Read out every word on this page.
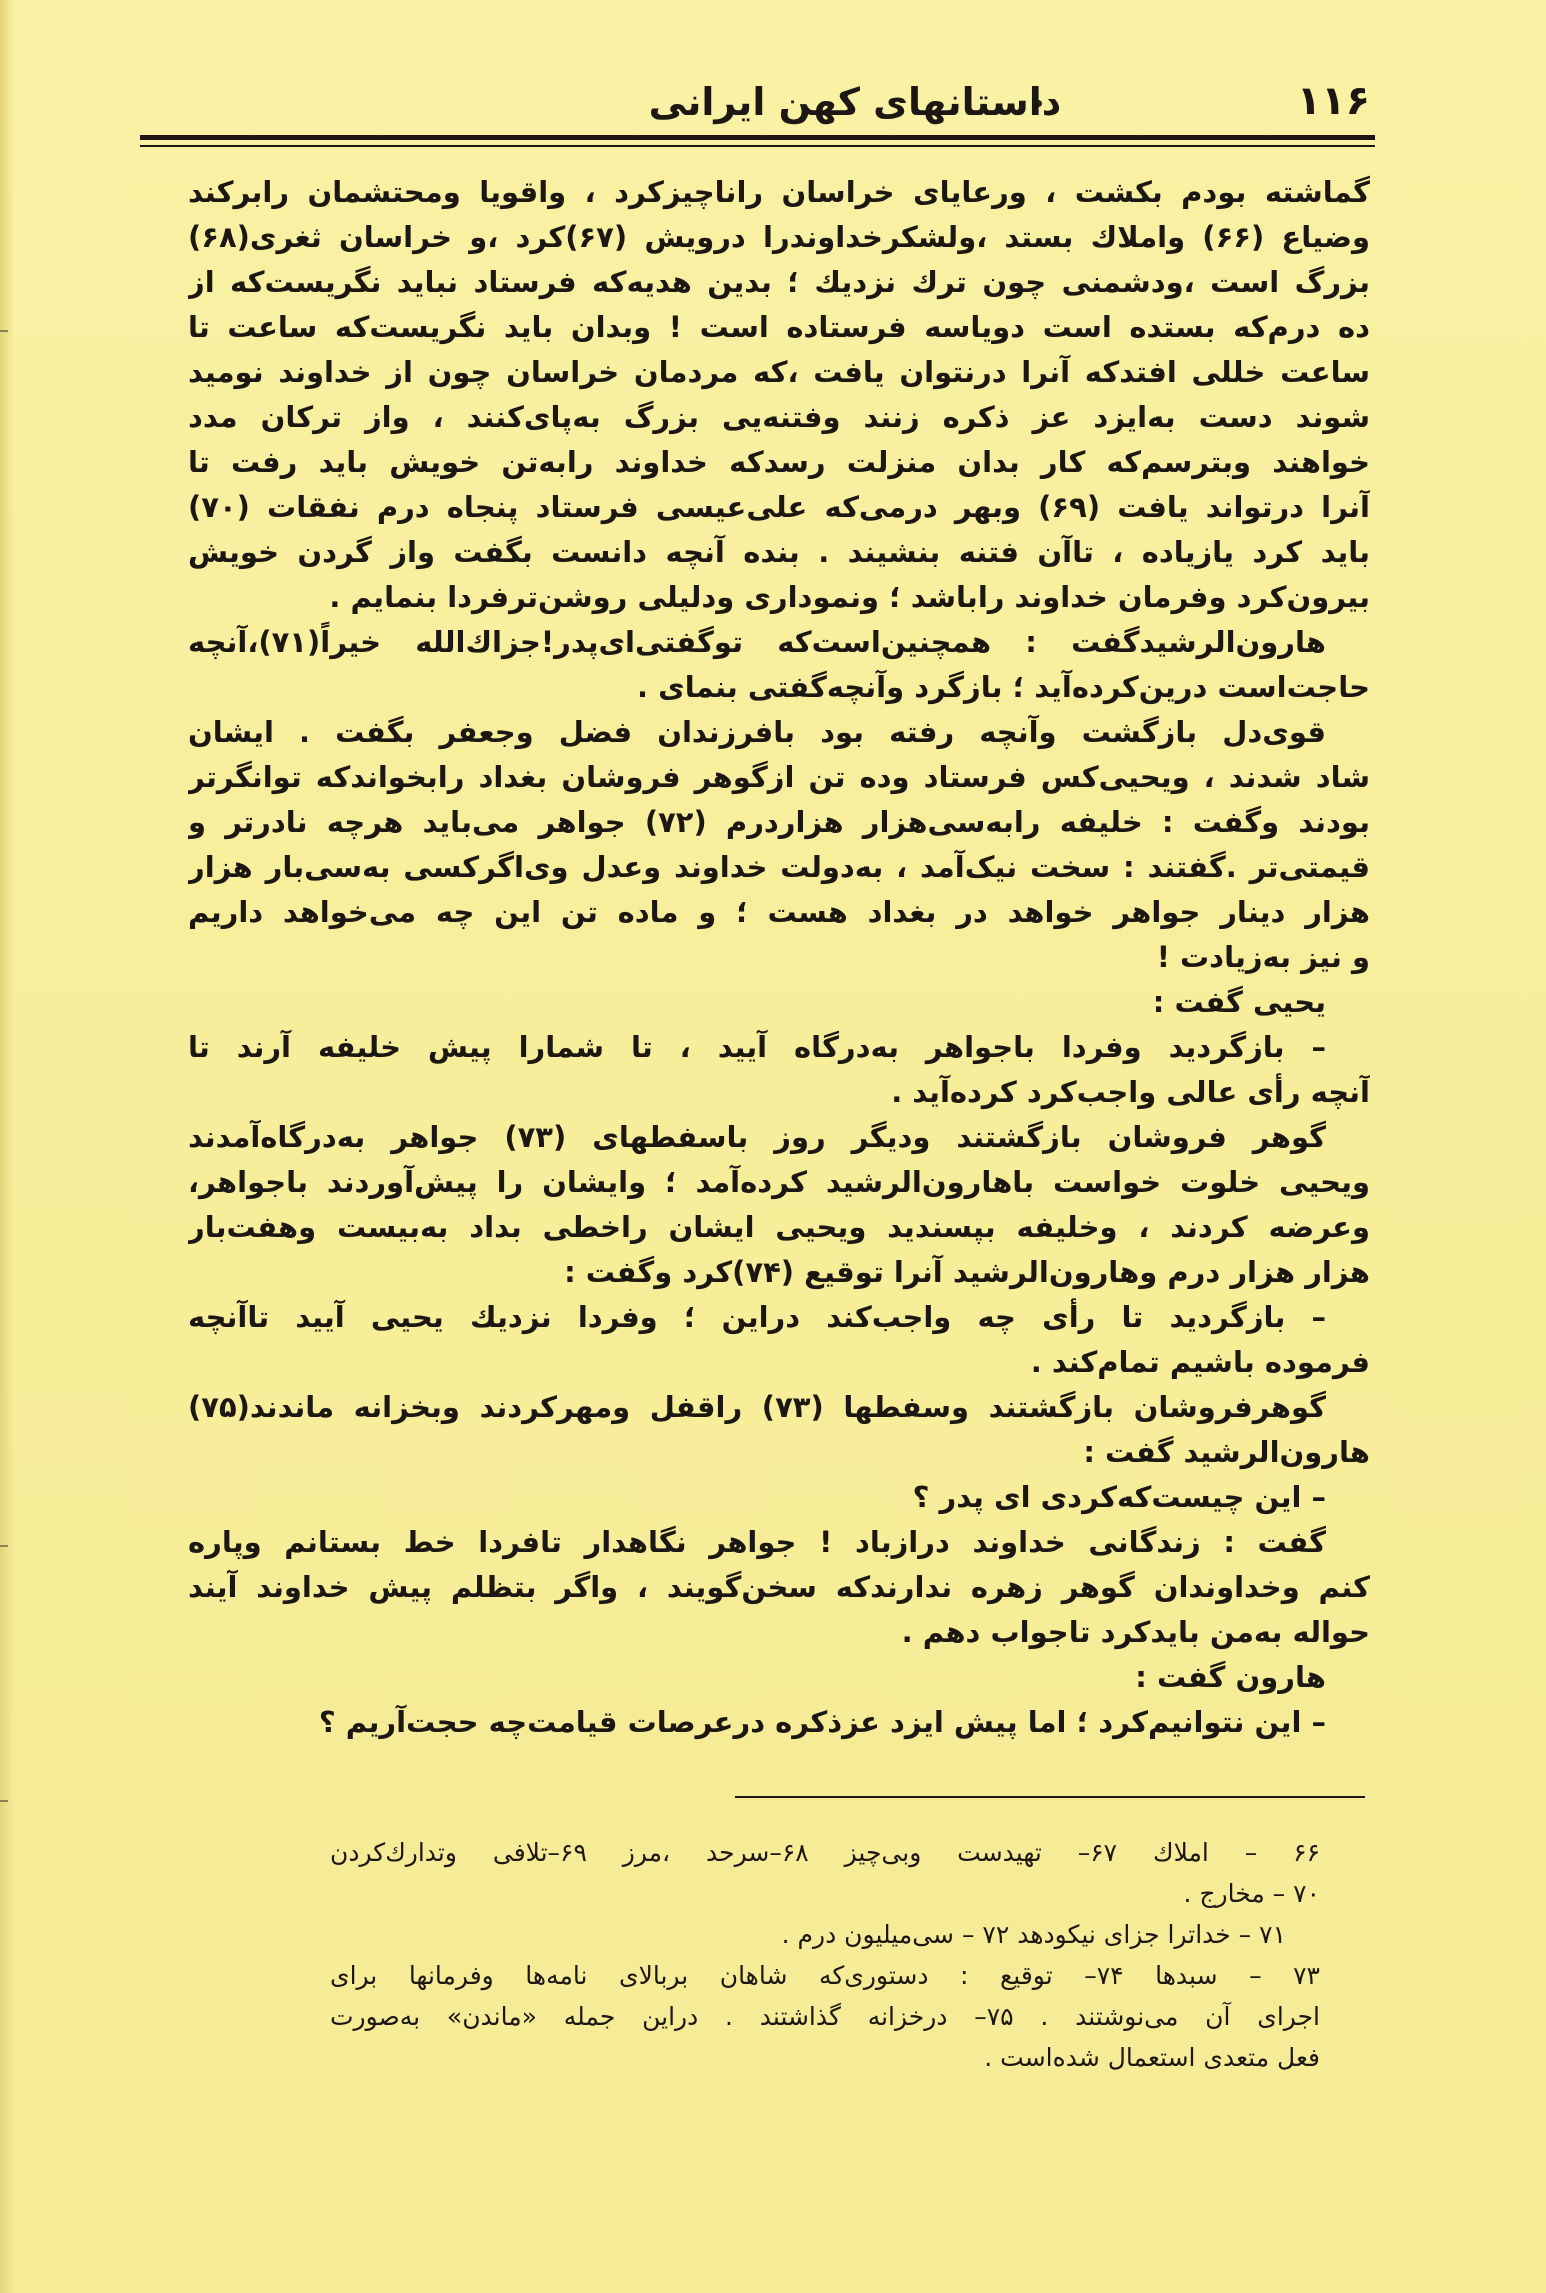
۱۱۶
داستانهای کهن ایرانی
گماشته بودم بکشت ، ورعایای خراسان راناچیزکرد ، واقویا ومحتشمان رابرکند
وضیاع (۶۶) واملاك بستد ،ولشکرخداوندرا درویش (۶۷)کرد ،و خراسان ثغری(۶۸)
بزرگ است ،ودشمنی چون ترك نزدیك ؛ بدین هدیه‌که فرستاد نباید نگریست‌که از
ده درم‌که بستده است دویاسه فرستاده است ! وبدان باید نگریست‌که ساعت تا
ساعت خللی افتدکه آنرا درنتوان یافت ،که مردمان خراسان چون از خداوند نومید
شوند دست به‌ایزد عز ذکره زنند وفتنه‌یی بزرگ به‌پای‌کنند ، واز ترکان مدد
خواهند وبترسم‌که کار بدان منزلت رسدکه خداوند رابه‌تن خویش باید رفت تا
آنرا درتواند یافت (۶۹) وبهر درمی‌که علی‌عیسی فرستاد پنجاه درم نفقات (۷۰)
باید کرد یازیاده ، تاآن فتنه بنشیند . بنده آنچه دانست بگفت واز گردن خویش
بیرون‌کرد وفرمان خداوند راباشد ؛ ونموداری ودلیلی روشن‌ترفردا بنمایم .
هارون‌الرشیدگفت : همچنین‌است‌که توگفتی‌ای‌پدر!جزاك‌الله خیراً(۷۱)،آنچه
حاجت‌است درین‌کرده‌آید ؛ بازگرد وآنچه‌گفتی بنمای .
قوی‌دل بازگشت وآنچه رفته بود بافرزندان فضل وجعفر بگفت . ایشان
شاد شدند ، ویحیی‌کس فرستاد وده تن ازگوهر فروشان بغداد رابخواندکه توانگرتر
بودند وگفت : خلیفه رابه‌سی‌هزار هزاردرم (۷۲) جواهر می‌باید هرچه نادرتر و
قیمتی‌تر .گفتند : سخت نیک‌آمد ، به‌دولت خداوند وعدل وی‌اگرکسی به‌سی‌بار هزار
هزار دینار جواهر خواهد در بغداد هست ؛ و ماده تن این چه می‌خواهد داریم
و نیز به‌زیادت !
یحیی گفت :
– بازگردید وفردا باجواهر به‌درگاه آیید ، تا شمارا پیش خلیفه آرند تا
آنچه رأی عالی واجب‌کرد کرده‌آید .
گوهر فروشان بازگشتند ودیگر روز باسفطهای (۷۳) جواهر به‌درگاه‌آمدند
ویحیی خلوت خواست باهارون‌الرشید کرده‌آمد ؛ وایشان را پیش‌آوردند باجواهر،
وعرضه کردند ، وخلیفه بپسندید ویحیی ایشان راخطی بداد به‌بیست وهفت‌بار
هزار هزار درم وهارون‌الرشید آنرا توقیع (۷۴)کرد وگفت :
– بازگردید تا رأی چه واجب‌کند دراین ؛ وفردا نزدیك یحیی آیید تاآنچه
فرموده باشیم تمام‌کند .
گوهرفروشان بازگشتند وسفطها (۷۳) راقفل ومهرکردند وبخزانه ماندند(۷۵)
هارون‌الرشید گفت :
– این چیست‌که‌کردی ای پدر ؟
گفت : زندگانی خداوند درازباد ! جواهر نگاهدار تافردا خط بستانم وپاره
کنم وخداوندان گوهر زهره ندارندکه سخن‌گویند ، واگر بتظلم پیش خداوند آیند
حواله به‌من بایدکرد تاجواب دهم .
هارون گفت :
– این نتوانیم‌کرد ؛ اما پیش ایزد عزذکره درعرصات قیامت‌چه حجت‌آریم ؟
۶۶ – املاك ۶۷– تهیدست وبی‌چیز ۶۸–سرحد ،مرز ۶۹–تلافی وتدارك‌كردن
۷۰ – مخارج .
۷۱ – خداترا جزای نیکودهد ۷۲ – سی‌میلیون درم .
۷۳ – سبدها ۷۴– توقیع : دستوری‌که شاهان بربالای نامه‌ها وفرمانها برای
اجرای آن می‌نوشتند . ۷۵– درخزانه گذاشتند . دراین جمله «ماندن» به‌صورت
فعل متعدی استعمال شده‌است .
